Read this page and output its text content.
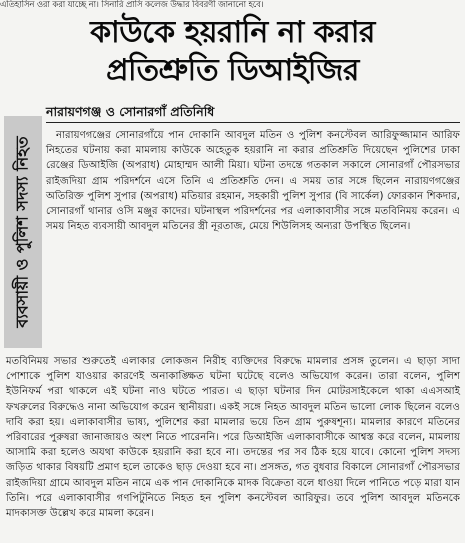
এতিহাসিন ওরা করা যাচ্ছে না। সিনারি প্রাসি কলেজ উদ্ধার বিবরণী জানানো হবে।
কাউকে হয়রানি না করার
প্রতিশ্রুতি ডিআইজির
ব্যবসায়ী ও পুলিশ সদস্য নিহত
নারায়ণগঞ্জ ও সোনারগাঁ প্রতিনিধি

নারায়ণগঞ্জের সোনারগাঁয়ে পান দোকানি আবদুল মতিন ও পুলিশ কনস্টেবল আরিফুজ্জামান আরিফ নিহতের ঘটনায় করা মামলায় কাউকে অহেতুক হয়রানি না করার প্রতিশ্রুতি দিয়েছেন পুলিশের ঢাকা রেঞ্জের ডিআইজি (অপরাধ) মোহাম্মদ আলী মিয়া। ঘটনা তদন্তে গতকাল সকালে সোনারগাঁ পৌরসভার রাইজদিয়া গ্রাম পরিদর্শনে এসে তিনি এ প্রতিশ্রুতি দেন। এ সময় তার সঙ্গে ছিলেন নারায়ণগঞ্জের অতিরিক্ত পুলিশ সুপার (অপরাধ) মতিয়ার রহমান, সহকারী পুলিশ সুপার (বি সার্কেল) ফোরকান শিকদার, সোনারগাঁ থানার ওসি মঞ্জুর কাদের। ঘটনাস্থল পরিদর্শনের পর এলাকাবাসীর সঙ্গে মতবিনিময় করেন। এ সময় নিহত ব্যবসায়ী আবদুল মতিনের স্ত্রী নূরতাজ, মেয়ে শিউলিসহ অন্যরা উপস্থিত ছিলেন।

মতবিনিময় সভার শুরুতেই এলাকার লোকজন নিরীহ ব্যক্তিদের বিরুদ্ধে মামলার প্রসঙ্গ তুলেন। এ ছাড়া সাদা পোশাকে পুলিশ যাওয়ার কারণেই অনাকাঙ্ক্ষিত ঘটনা ঘটেছে বলেও অভিযোগ করেন। তারা বলেন, পুলিশ ইউনিফর্ম পরা থাকলে এই ঘটনা নাও ঘটতে পারত। এ ছাড়া ঘটনার দিন মোটরসাইকেলে থাকা এএসআই ফখরুলের বিরুদ্ধেও নানা অভিযোগ করেন স্থানীয়রা। একই সঙ্গে নিহত আবদুল মতিন ভালো লোক ছিলেন বলেও দাবি করা হয়। এলাকাবাসীর ভাষ্য, পুলিশের করা মামলার ভয়ে তিন গ্রাম পুরুষশূন্য। মামলার কারণে মতিনের পরিবারের পুরুষরা জানাজায়ও অংশ নিতে পারেননি। পরে ডিআইজি এলাকাবাসীকে আশ্বস্ত করে বলেন, মামলায় আসামি করা হলেও অযথা কাউকে হয়রানি করা হবে না। তদন্তের পর সব ঠিক হয়ে যাবে। কোনো পুলিশ সদস্য জড়িত থাকার বিষয়টি প্রমাণ হলে তাকেও ছাড় দেওয়া হবে না। প্রসঙ্গত, গত বুধবার বিকালে সোনারগাঁ পৌরসভার রাইজদিয়া গ্রামে আবদুল মতিন নামে এক পান দোকানিকে মাদক বিক্রেতা বলে ধাওয়া দিলে পানিতে পড়ে মারা যান তিনি। পরে এলাকাবাসীর গণপিটুনিতে নিহত হন পুলিশ কনস্টেবল আরিফুর। তবে পুলিশ আবদুল মতিনকে মাদকাসক্ত উল্লেখ করে মামলা করেন।
